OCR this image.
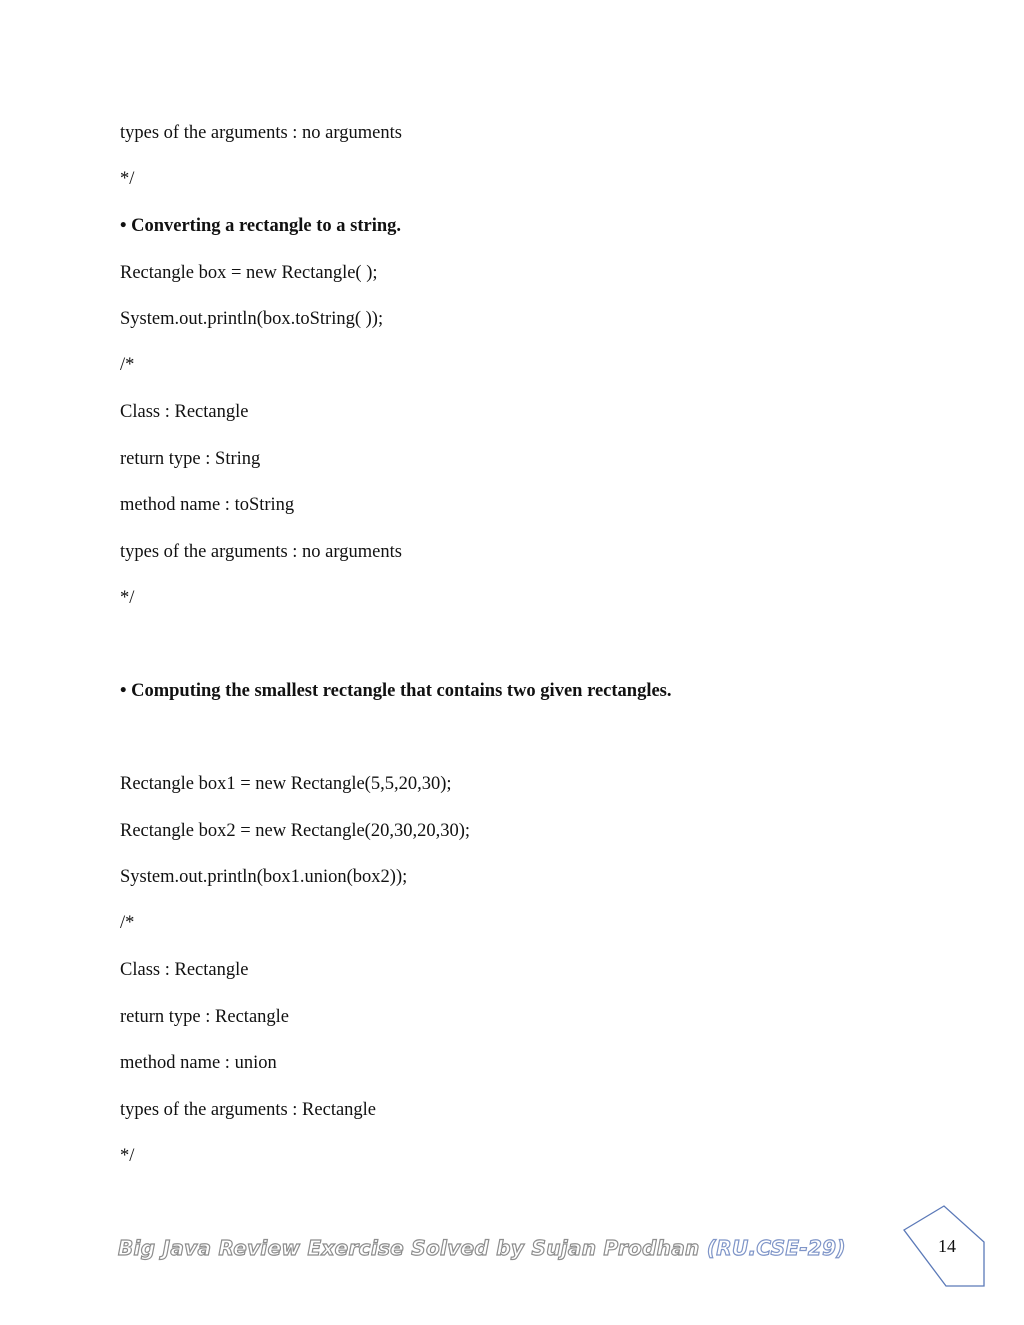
types of the arguments : no arguments
*/
• Converting a rectangle to a string.
Rectangle box = new Rectangle( );
System.out.println(box.toString( ));
/*
Class : Rectangle
return type : String
method name : toString
types of the arguments : no arguments
*/
• Computing the smallest rectangle that contains two given rectangles.
Rectangle box1 = new Rectangle(5,5,20,30);
Rectangle box2 = new Rectangle(20,30,20,30);
System.out.println(box1.union(box2));
/*
Class : Rectangle
return type : Rectangle
method name : union
types of the arguments : Rectangle
*/
Big Java Review Exercise Solved by Sujan Prodhan (RU.CSE-29)	14
